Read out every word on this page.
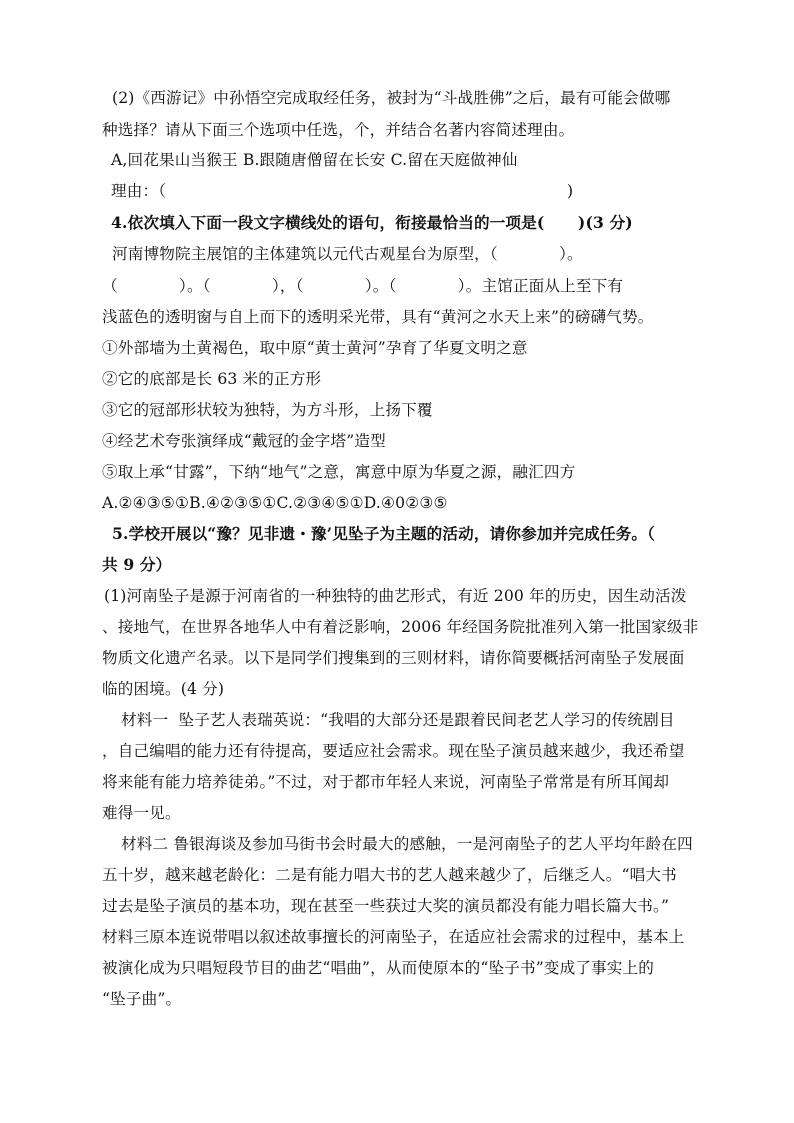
(2)《西游记》中孙悟空完成取经任务，被封为“斗战胜佛”之后，最有可能会做哪
种选择？请从下面三个选项中任选，个，并结合名著内容简述理由。
A,回花果山当猴王 B.跟随唐僧留在长安 C.留在天庭做神仙
理由：（	)
4.依次填入下面一段文字横线处的语句，衔接最恰当的一项是(      )(3 分)
河南博物院主展馆的主体建筑以元代古观星台为原型，（            ）。
（            ）。（            ），（            ）。（            ）。主馆正面从上至下有
浅蓝色的透明窗与自上而下的透明采光带，具有“黄河之水天上来”的磅礴气势。
①外部墙为土黄褐色，取中原“黄士黄河”孕育了华夏文明之意
②它的底部是长 63 米的正方形
③它的冠部形状较为独特，为方斗形，上扬下覆
④经艺术夸张演绎成“戴冠的金字塔”造型
⑤取上承“甘露”，下纳“地气”之意，寓意中原为华夏之源，融汇四方
A.②④③⑤①B.④②③⑤①C.②③④⑤①D.④0②③⑤
5.学校开展以“豫？见非遗・豫’见坠子为主题的活动，请你参加并完成任务。（
共 9 分）
(1)河南坠子是源于河南省的一种独特的曲艺形式，有近 200 年的历史，因生动活泼
、接地气，在世界各地华人中有着泛影响，2006 年经国务院批准列入第一批国家级非
物质文化遗产名录。以下是同学们搜集到的三则材料，请你简要概括河南坠子发展面
临的困境。(4 分)
材料一  坠子艺人表瑞英说：“我唱的大部分还是跟着民间老艺人学习的传统剧目
，自己编唱的能力还有待提高，要适应社会需求。现在坠子演员越来越少，我还希望
将来能有能力培养徒弟。”不过，对于都市年轻人来说，河南坠子常常是有所耳闻却
难得一见。
材料二 鲁银海谈及参加马街书会时最大的感触，一是河南坠子的艺人平均年龄在四
五十岁，越来越老龄化：二是有能力唱大书的艺人越来越少了，后继乏人。“唱大书
过去是坠子演员的基本功，现在甚至一些获过大奖的演员都没有能力唱长篇大书。”
材料三原本连说带唱以叙述故事擅长的河南坠子，在适应社会需求的过程中，基本上
被演化成为只唱短段节目的曲艺“唱曲”，从而使原本的“坠子书”变成了事实上的
“坠子曲”。
